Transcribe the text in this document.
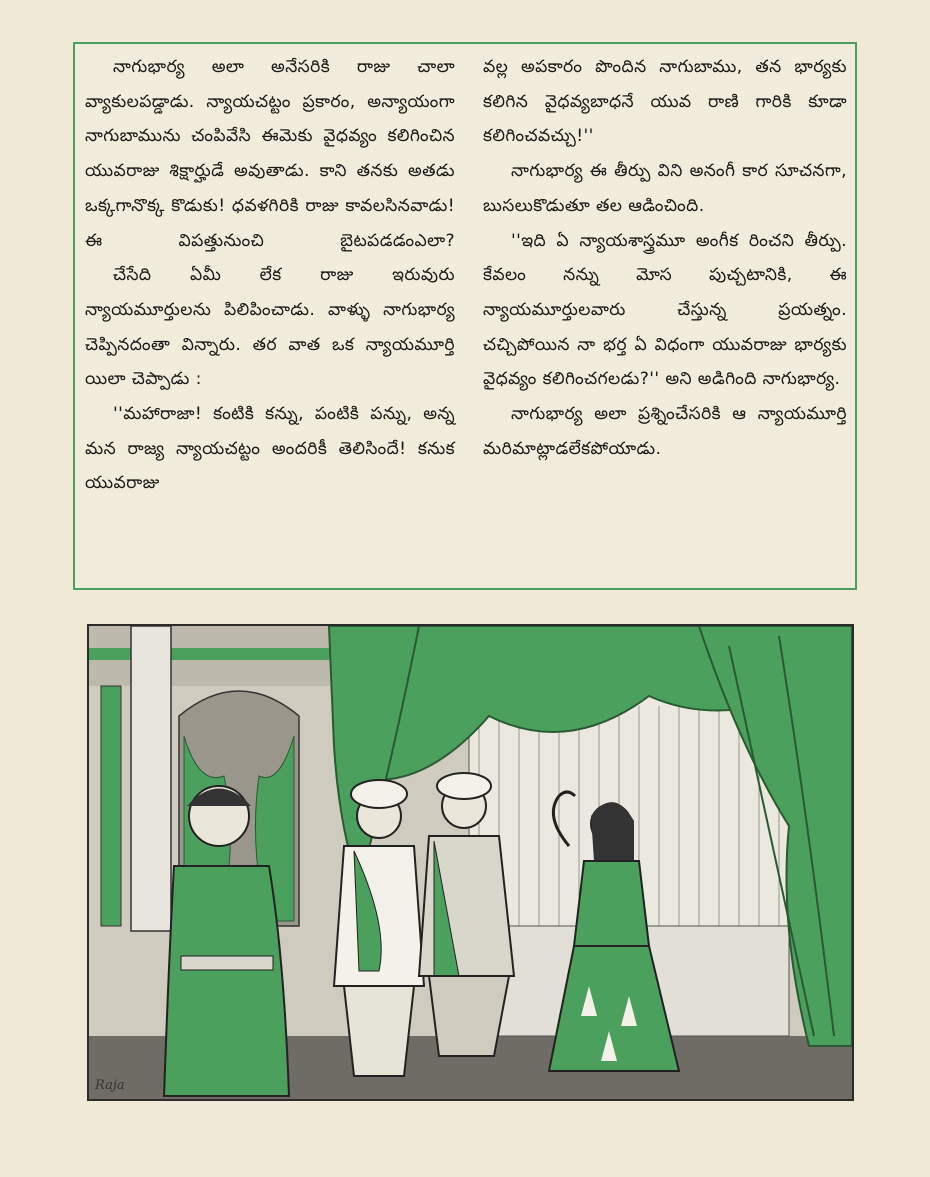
నాగుభార్య అలా అనేసరికి రాజు చాలా వ్యాకులపడ్డాడు. న్యాయచట్టం ప్రకారం, అన్యాయంగా నాగుబామును చంపివేసి ఈమెకు వైధవ్యం కలిగించిన యువరాజు శిక్షార్హుడే అవుతాడు. కాని తనకు అతడు ఒక్కగానొక్క కొడుకు! ధవళగిరికి రాజు కావలసినవాడు! ఈ విపత్తునుంచి బైటపడడంఎలా?

చేసేది ఏమీ లేక రాజు ఇరువురు న్యాయమూర్తులను పిలిపించాడు. వాళ్ళు నాగుభార్య చెప్పినదంతా విన్నారు. తర వాత ఒక న్యాయమూర్తి యిలా చెప్పాడు :

''మహారాజా! కంటికి కన్ను, పంటికి పన్ను, అన్న మన రాజ్య న్యాయచట్టం అందరికీ తెలిసిందే! కనుక యువరాజు

వల్ల అపకారం పొందిన నాగుబాము, తన భార్యకు కలిగిన వైధవ్యబాధనే యువ రాణి గారికి కూడా కలిగించవచ్చు!''

నాగుభార్య ఈ తీర్పు విని అనంగీ కార సూచనగా, బుసలుకొడుతూ తల ఆడించింది.

''ఇది ఏ న్యాయశాస్త్రమూ అంగీక రించని తీర్పు. కేవలం నన్ను మోస పుచ్చటానికి, ఈ న్యాయమూర్తులవారు చేస్తున్న ప్రయత్నం. చచ్చిపోయిన నా భర్త ఏ విధంగా యువరాజు భార్యకు వైధవ్యం కలిగించగలడు?'' అని అడిగింది నాగుభార్య.

నాగుభార్య అలా ప్రశ్నించేసరికి ఆ న్యాయమూర్తి మరిమాట్లాడలేకపోయాడు.

Raja
